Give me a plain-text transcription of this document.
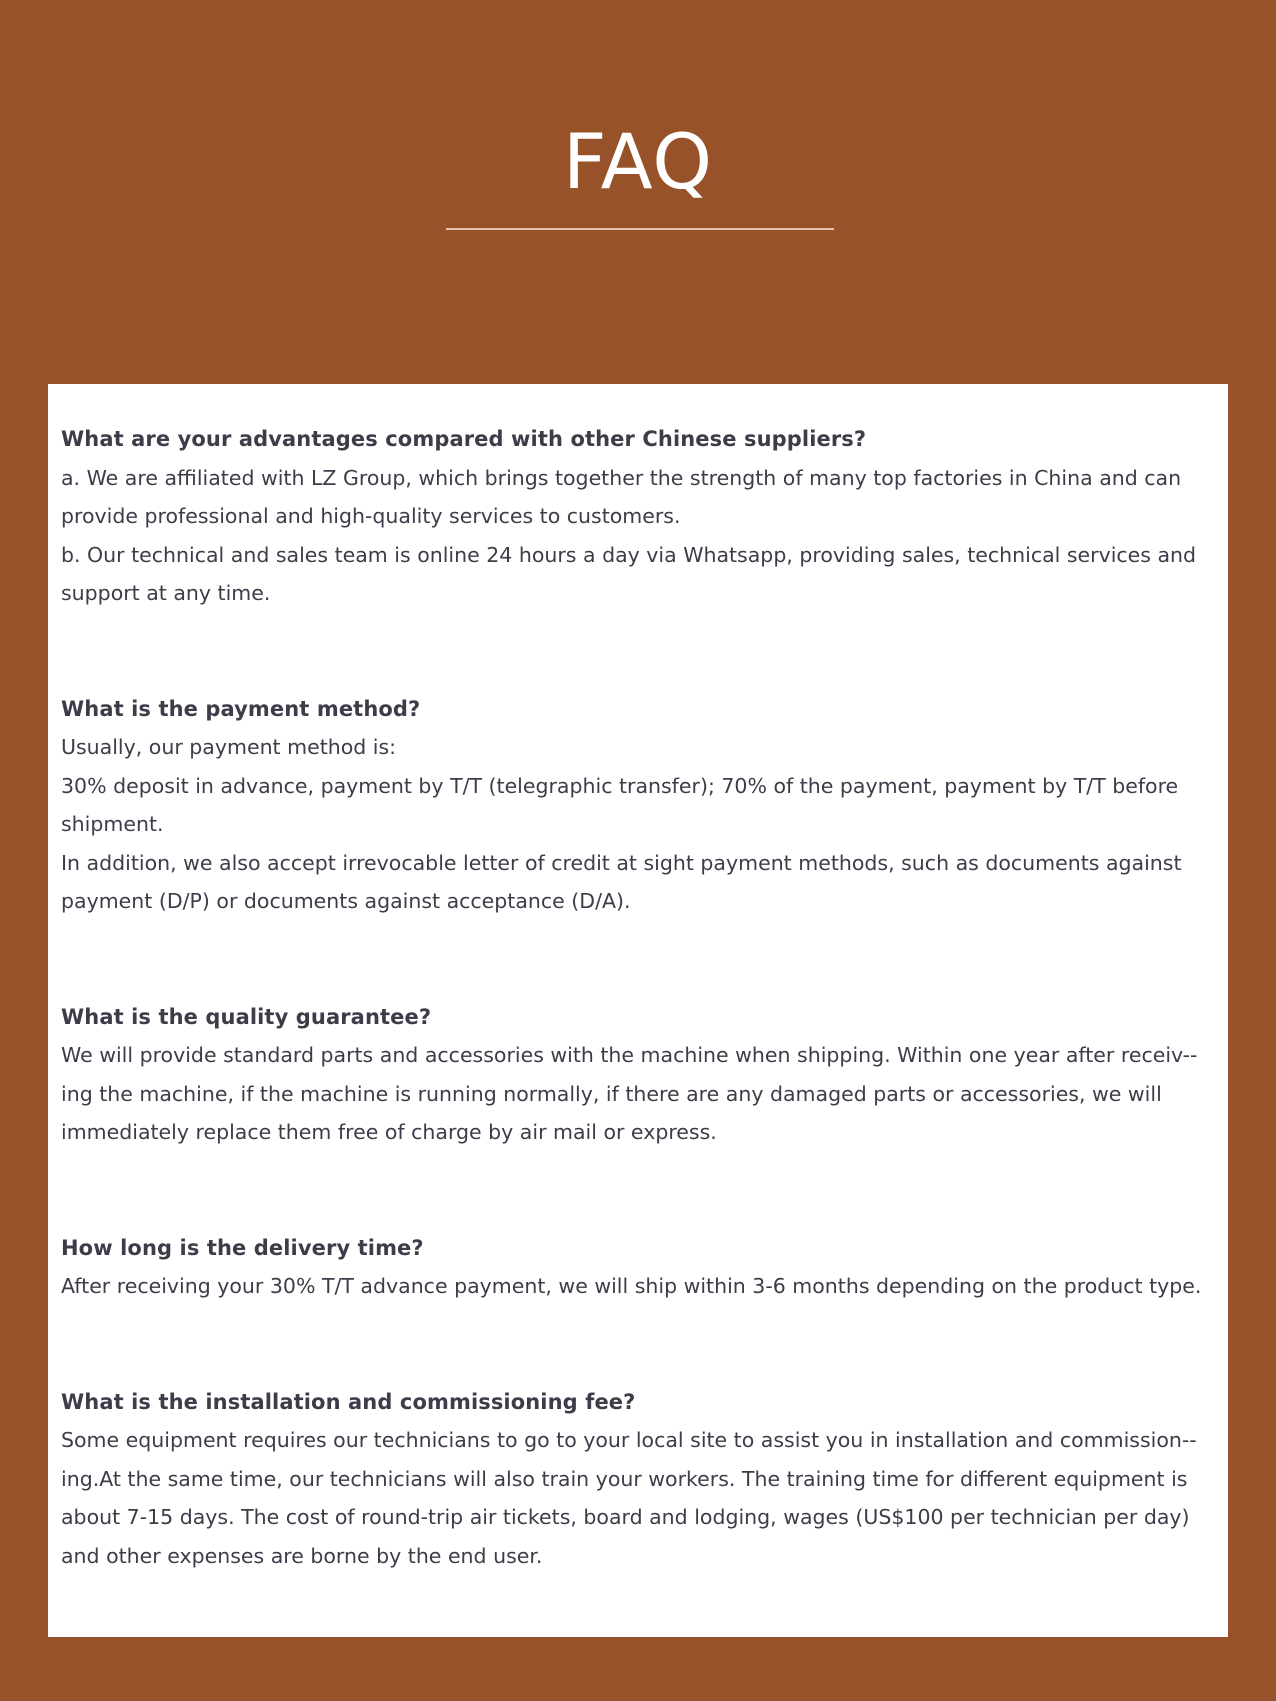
FAQ
What are your advantages compared with other Chinese suppliers?

a. We are affiliated with LZ Group, which brings together the strength of many top factories in China and can provide professional and high-quality services to customers.

b. Our technical and sales team is online 24 hours a day via Whatsapp, providing sales, technical services and support at any time.

What is the payment method?

Usually, our payment method is:

30% deposit in advance, payment by T/T (telegraphic transfer); 70% of the payment, payment by T/T before shipment.

In addition, we also accept irrevocable letter of credit at sight payment methods, such as documents against payment (D/P) or documents against acceptance (D/A).

What is the quality guarantee?

We will provide standard parts and accessories with the machine when shipping. Within one year after receiv--ing the machine, if the machine is running normally, if there are any damaged parts or accessories, we will immediately replace them free of charge by air mail or express.

How long is the delivery time?

After receiving your 30% T/T advance payment, we will ship within 3-6 months depending on the product type.

What is the installation and commissioning fee?

Some equipment requires our technicians to go to your local site to assist you in installation and commission--ing.At the same time, our technicians will also train your workers. The training time for different equipment is about 7-15 days. The cost of round-trip air tickets, board and lodging, wages (US$100 per technician per day) and other expenses are borne by the end user.
